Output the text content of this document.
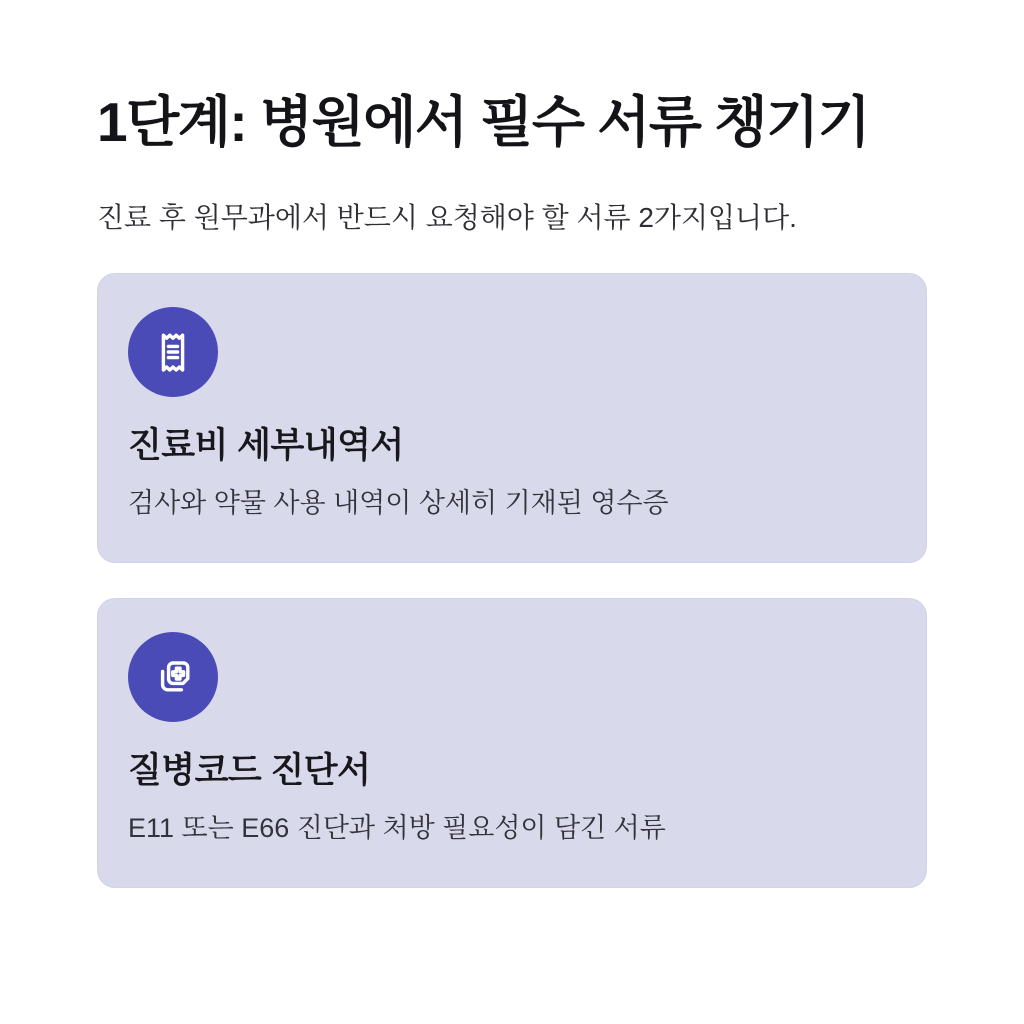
1단계: 병원에서 필수 서류 챙기기

진료 후 원무과에서 반드시 요청해야 할 서류 2가지입니다.

진료비 세부내역서

검사와 약물 사용 내역이 상세히 기재된 영수증

질병코드 진단서

E11 또는 E66 진단과 처방 필요성이 담긴 서류
